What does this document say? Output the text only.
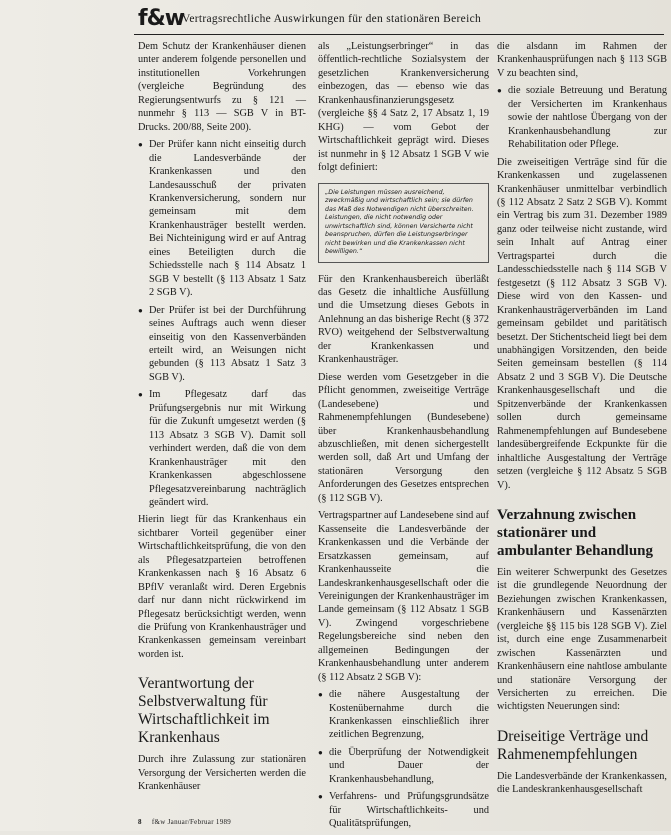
f&w
Vertragsrechtliche Auswirkungen für den stationären Bereich

Dem Schutz der Krankenhäuser dienen unter anderem folgende personellen und institutionellen Vorkehrungen (vergleiche Begründung des Regierungsentwurfs zu § 121 — nunmehr § 113 — SGB V in BT-Drucks. 200/88, Seite 200).

● Der Prüfer kann nicht einseitig durch die Landesverbände der Krankenkassen und den Landesausschuß der privaten Krankenversicherung, sondern nur gemeinsam mit dem Krankenhausträger bestellt werden. Bei Nichteinigung wird er auf Antrag eines Beteiligten durch die Schiedsstelle nach § 114 Absatz 1 SGB V bestellt (§ 113 Absatz 1 Satz 2 SGB V).
● Der Prüfer ist bei der Durchführung seines Auftrags auch wenn dieser einseitig von den Kassenverbänden erteilt wird, an Weisungen nicht gebunden (§ 113 Absatz 1 Satz 3 SGB V).
● Im Pflegesatz darf das Prüfungsergebnis nur mit Wirkung für die Zukunft umgesetzt werden (§ 113 Absatz 3 SGB V). Damit soll verhindert werden, daß die von dem Krankenhausträger mit den Krankenkassen abgeschlossene Pflegesatzvereinbarung nachträglich geändert wird.

Hierin liegt für das Krankenhaus ein sichtbarer Vorteil gegenüber einer Wirtschaftlichkeitsprüfung, die von den als Pflegesatzparteien betroffenen Krankenkassen nach § 16 Absatz 6 BPflV veranlaßt wird. Deren Ergebnis darf nur dann nicht rückwirkend im Pflegesatz berücksichtigt werden, wenn die Prüfung von Krankenhausträger und Krankenkassen gemeinsam vereinbart worden ist.

Verantwortung der Selbstverwaltung für Wirtschaftlichkeit im Krankenhaus

Durch ihre Zulassung zur stationären Versorgung der Versicherten werden die Krankenhäuser

als „Leistungserbringer“ in das öffentlich-rechtliche Sozialsystem der gesetzlichen Krankenversicherung einbezogen, das — ebenso wie das Krankenhausfinanzierungsgesetz (vergleiche §§ 4 Satz 2, 17 Absatz 1, 19 KHG) — vom Gebot der Wirtschaftlichkeit geprägt wird. Dieses ist nunmehr in § 12 Absatz 1 SGB V wie folgt definiert:

„Die Leistungen müssen ausreichend, zweckmäßig und wirtschaftlich sein; sie dürfen das Maß des Notwendigen nicht überschreiten. Leistungen, die nicht notwendig oder unwirtschaftlich sind, können Versicherte nicht beanspruchen, dürfen die Leistungserbringer nicht bewirken und die Krankenkassen nicht bewilligen.“

Für den Krankenhausbereich überläßt das Gesetz die inhaltliche Ausfüllung und die Umsetzung dieses Gebots in Anlehnung an das bisherige Recht (§ 372 RVO) weitgehend der Selbstverwaltung der Krankenkassen und Krankenhausträger.

Diese werden vom Gesetzgeber in die Pflicht genommen, zweiseitige Verträge (Landesebene) und Rahmenempfehlungen (Bundesebene) über Krankenhausbehandlung abzuschließen, mit denen sichergestellt werden soll, daß Art und Umfang der stationären Versorgung den Anforderungen des Gesetzes entsprechen (§ 112 SGB V).

Vertragspartner auf Landesebene sind auf Kassenseite die Landesverbände der Krankenkassen und die Verbände der Ersatzkassen gemeinsam, auf Krankenhausseite die Landeskrankenhausgesellschaft oder die Vereinigungen der Krankenhausträger im Lande gemeinsam (§ 112 Absatz 1 SGB V). Zwingend vorgeschriebene Regelungsbereiche sind neben den allgemeinen Bedingungen der Krankenhausbehandlung unter anderem (§ 112 Absatz 2 SGB V):

● die nähere Ausgestaltung der Kostenübernahme durch die Krankenkassen einschließlich ihrer zeitlichen Begrenzung,
● die Überprüfung der Notwendigkeit und Dauer der Krankenhausbehandlung,
● Verfahrens- und Prüfungsgrundsätze für Wirtschaftlichkeits- und Qualitätsprüfungen,

die alsdann im Rahmen der Krankenhausprüfungen nach § 113 SGB V zu beachten sind,

● die soziale Betreuung und Beratung der Versicherten im Krankenhaus sowie der nahtlose Übergang von der Krankenhausbehandlung zur Rehabilitation oder Pflege.

Die zweiseitigen Verträge sind für die Krankenkassen und zugelassenen Krankenhäuser unmittelbar verbindlich (§ 112 Absatz 2 Satz 2 SGB V). Kommt ein Vertrag bis zum 31. Dezember 1989 ganz oder teilweise nicht zustande, wird sein Inhalt auf Antrag einer Vertragspartei durch die Landesschiedsstelle nach § 114 SGB V festgesetzt (§ 112 Absatz 3 SGB V). Diese wird von den Kassen- und Krankenhausträgerverbänden im Land gemeinsam gebildet und paritätisch besetzt. Der Stichentscheid liegt bei dem unabhängigen Vorsitzenden, den beide Seiten gemeinsam bestellen (§ 114 Absatz 2 und 3 SGB V). Die Deutsche Krankenhausgesellschaft und die Spitzenverbände der Krankenkassen sollen durch gemeinsame Rahmenempfehlungen auf Bundesebene landesübergreifende Eckpunkte für die inhaltliche Ausgestaltung der Verträge setzen (vergleiche § 112 Absatz 5 SGB V).

Verzahnung zwischen stationärer und ambulanter Behandlung

Ein weiterer Schwerpunkt des Gesetzes ist die grundlegende Neuordnung der Beziehungen zwischen Krankenkassen, Krankenhäusern und Kassenärzten (vergleiche §§ 115 bis 128 SGB V). Ziel ist, durch eine enge Zusammenarbeit zwischen Kassenärzten und Krankenhäusern eine nahtlose ambulante und stationäre Versorgung der Versicherten zu erreichen. Die wichtigsten Neuerungen sind:

Dreiseitige Verträge und Rahmenempfehlungen

Die Landesverbände der Krankenkassen, die Landeskrankenhausgesellschaft

8 f&w Januar/Februar 1989
